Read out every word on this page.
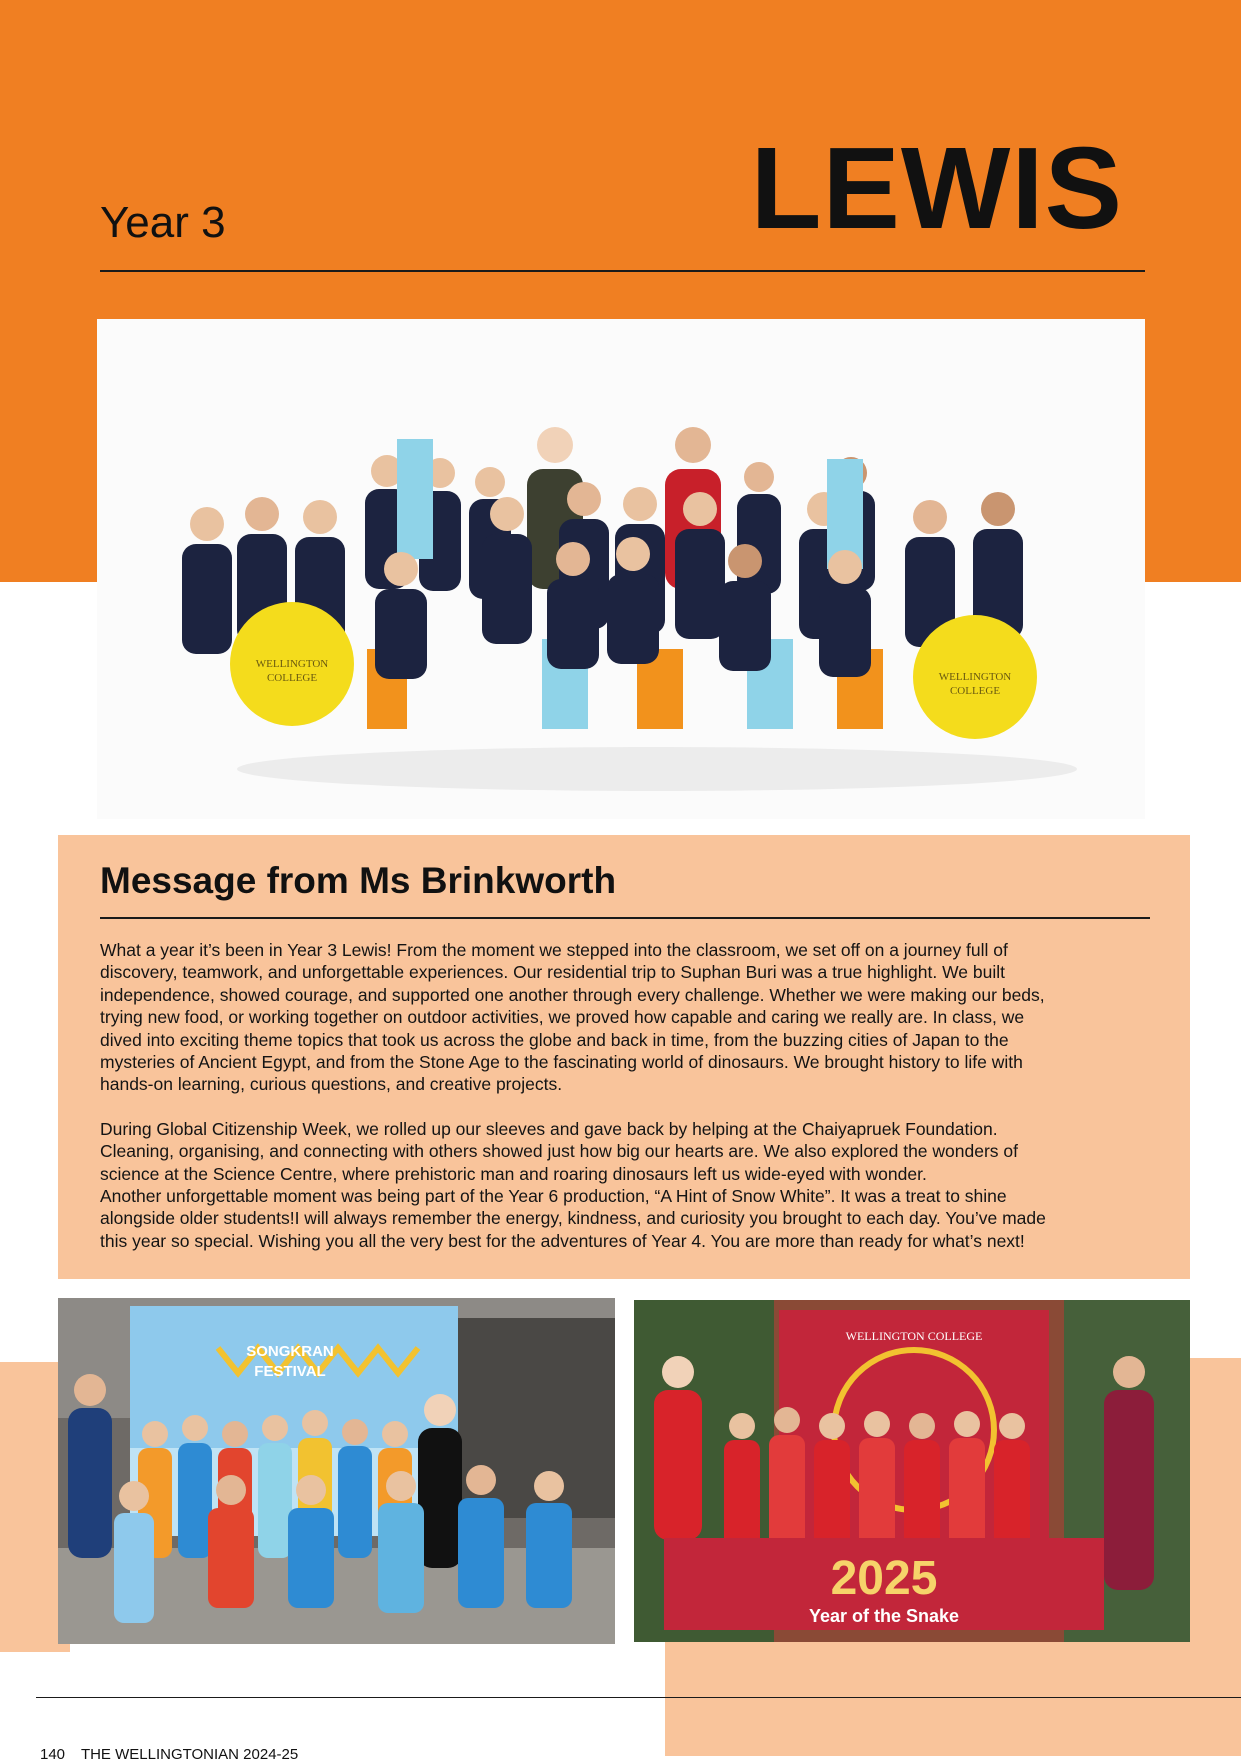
Year 3	LEWIS
WELLINGTON
COLLEGE	WELLINGTON
COLLEGE
Message from Ms Brinkworth

What a year it’s been in Year 3 Lewis! From the moment we stepped into the classroom, we set off on a journey full of
discovery, teamwork, and unforgettable experiences. Our residential trip to Suphan Buri was a true highlight. We built
independence, showed courage, and supported one another through every challenge. Whether we were making our beds,
trying new food, or working together on outdoor activities, we proved how capable and caring we really are. In class, we
dived into exciting theme topics that took us across the globe and back in time, from the buzzing cities of Japan to the
mysteries of Ancient Egypt, and from the Stone Age to the fascinating world of dinosaurs. We brought history to life with
hands-on learning, curious questions, and creative projects.

During Global Citizenship Week, we rolled up our sleeves and gave back by helping at the Chaiyapruek Foundation.
Cleaning, organising, and connecting with others showed just how big our hearts are. We also explored the wonders of
science at the Science Centre, where prehistoric man and roaring dinosaurs left us wide-eyed with wonder.
Another unforgettable moment was being part of the Year 6 production, “A Hint of Snow White”. It was a treat to shine
alongside older students!I will always remember the energy, kindness, and curiosity you brought to each day. You’ve made
this year so special. Wishing you all the very best for the adventures of Year 4. You are more than ready for what’s next!

SONGKRAN
FESTIVAL
WELLINGTON COLLEGE
2025
Year of the Snake
140 THE WELLINGTONIAN 2024-25
